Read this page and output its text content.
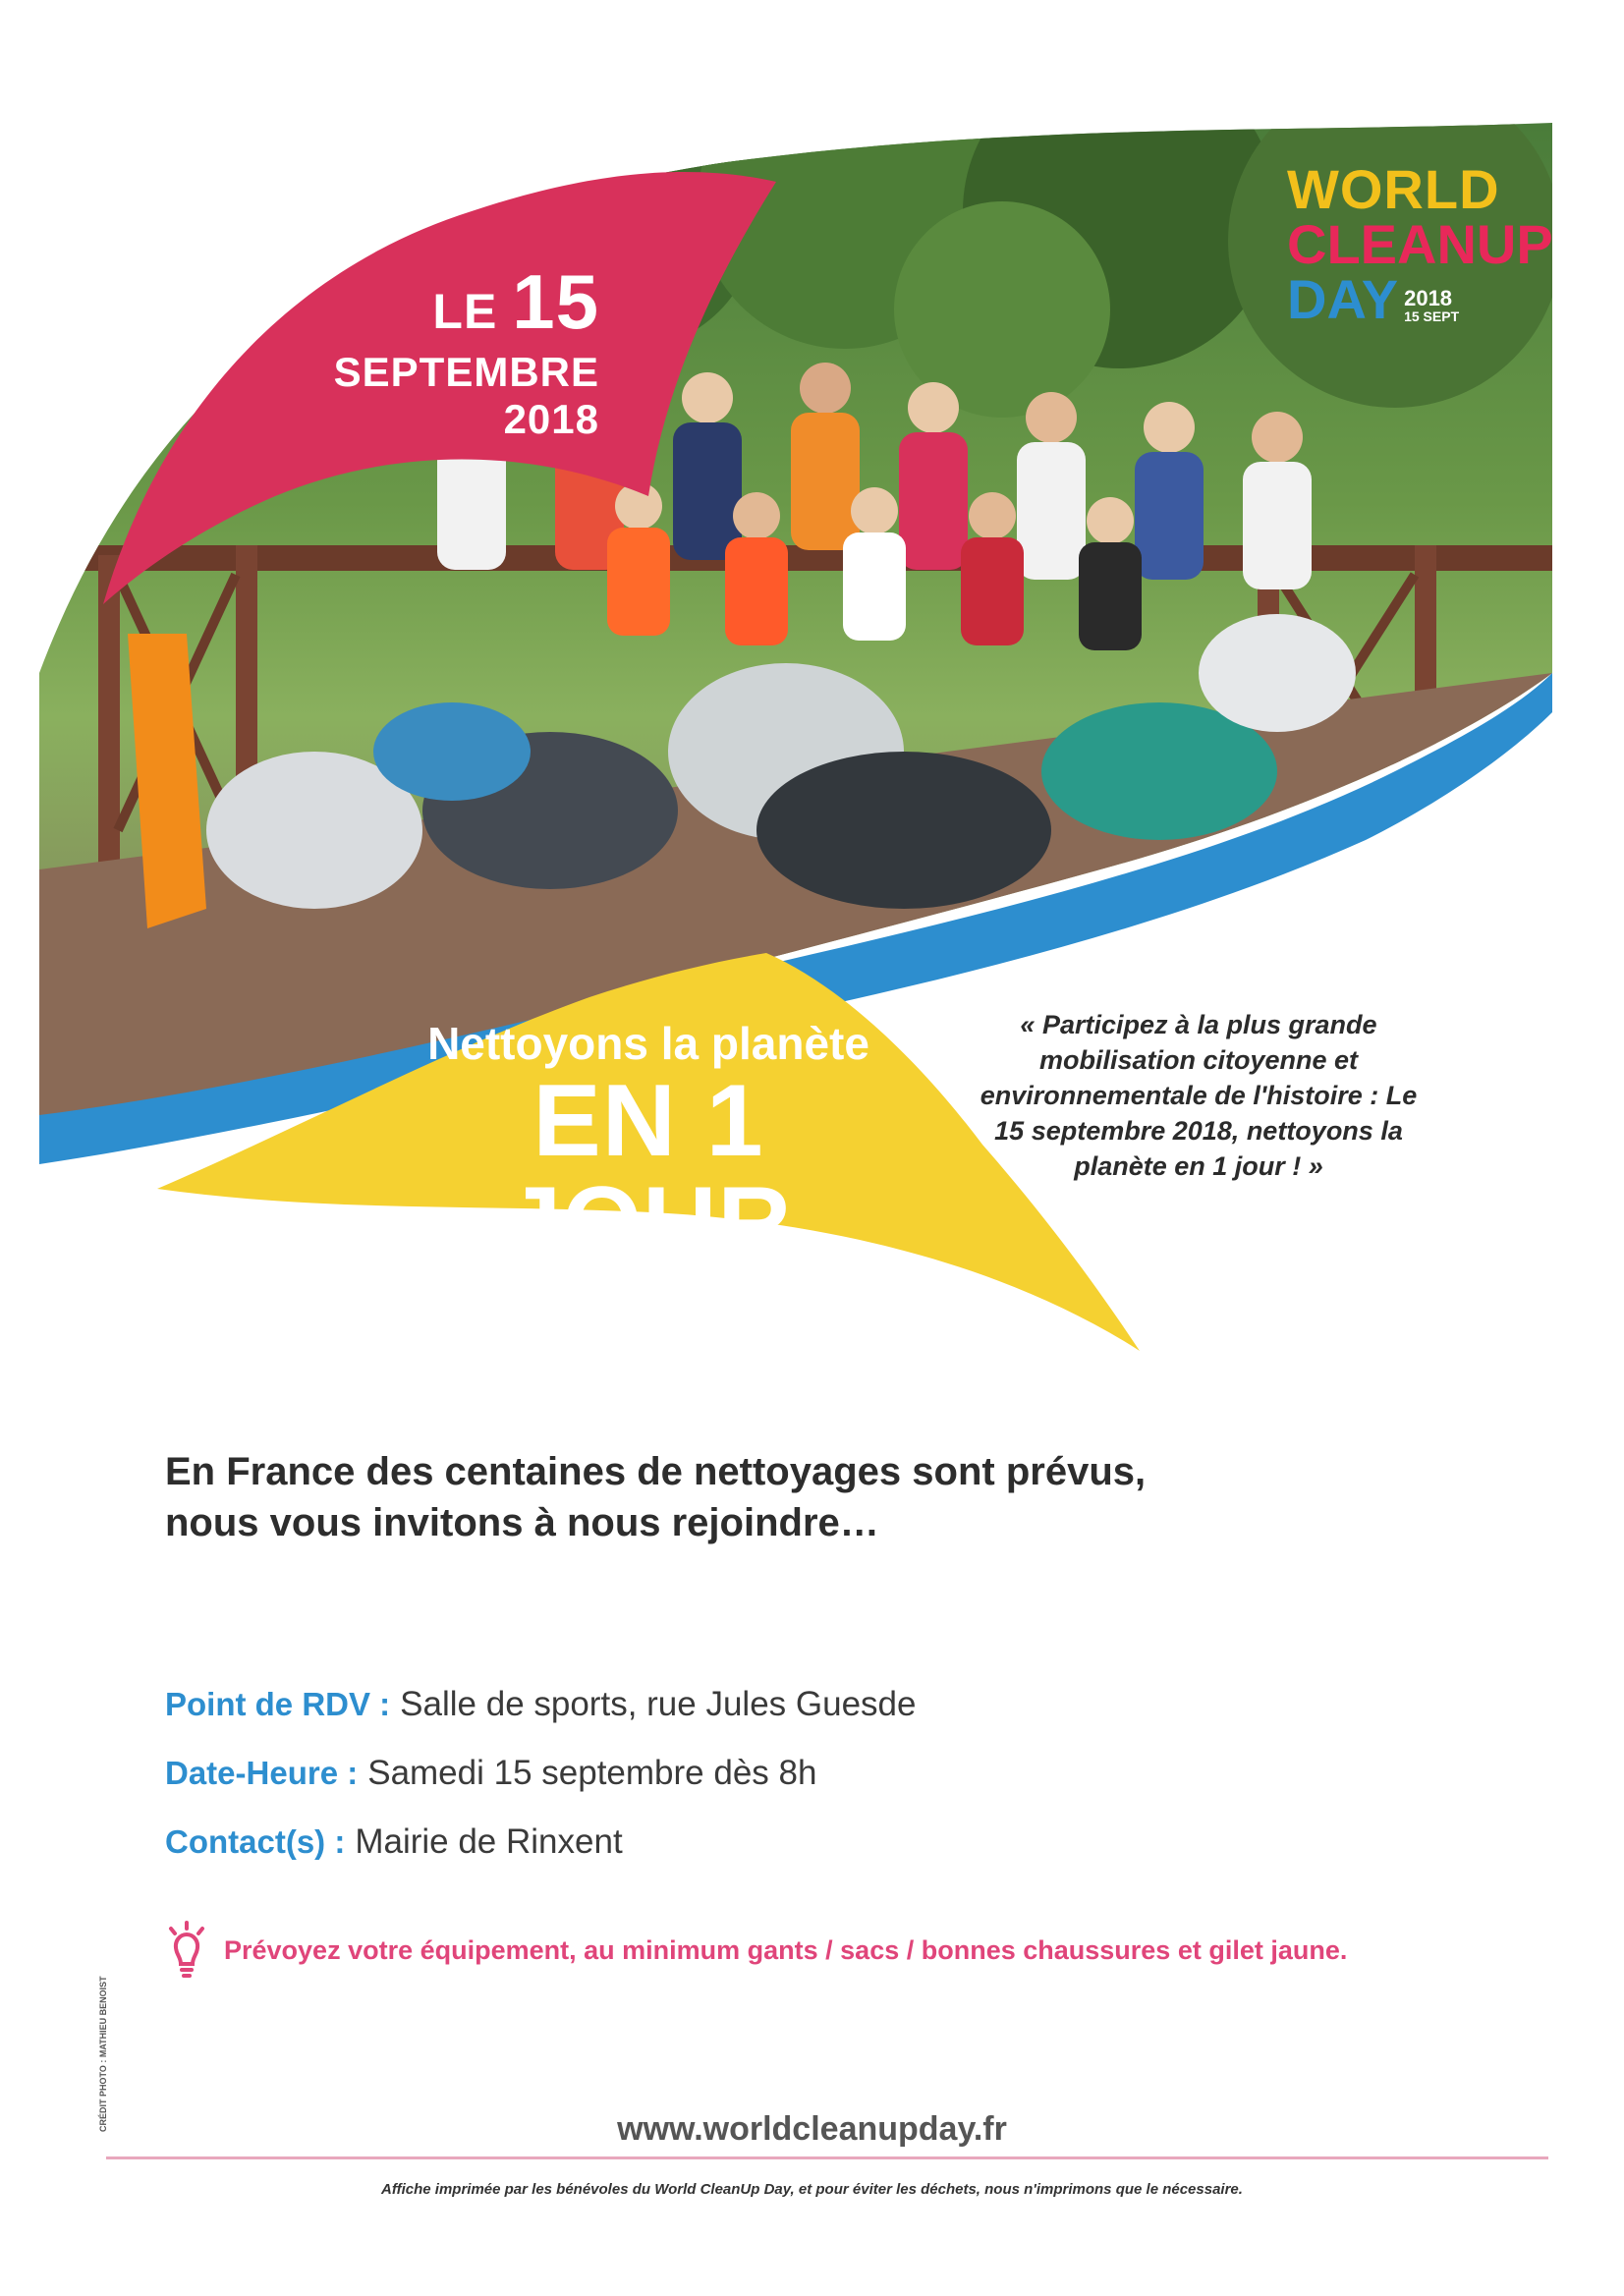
LE 15
SEPTEMBRE 2018
WORLD
CLEANUP
DAY 2018
15 SEPT
Nettoyons la planète
EN 1 JOUR
« Participez à la plus grande mobilisation citoyenne et environnementale de l'histoire : Le 15 septembre 2018, nettoyons la planète en 1 jour ! »
En France des centaines de nettoyages sont prévus,
nous vous invitons à nous rejoindre…
Point de RDV : Salle de sports, rue Jules Guesde
Date-Heure : Samedi 15 septembre dès 8h
Contact(s) : Mairie de Rinxent
Prévoyez votre équipement, au minimum gants / sacs / bonnes chaussures et gilet jaune.
CRÉDIT PHOTO : MATHIEU BENOIST	www.worldcleanupday.fr
Affiche imprimée par les bénévoles du World CleanUp Day, et pour éviter les déchets, nous n'imprimons que le nécessaire.
